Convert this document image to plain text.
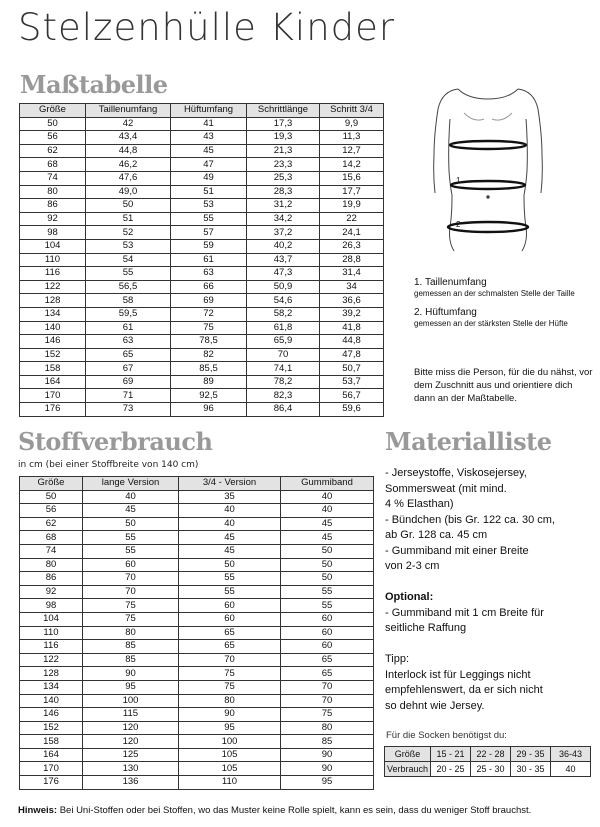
Stelzenhülle Kinder
Maßtabelle
Größe	Taillenumfang	Hüftumfang	Schrittlänge	Schritt 3/4
50	42	41	17,3	9,9
56	43,4	43	19,3	11,3
62	44,8	45	21,3	12,7
68	46,2	47	23,3	14,2
74	47,6	49	25,3	15,6
80	49,0	51	28,3	17,7
86	50	53	31,2	19,9
92	51	55	34,2	22
98	52	57	37,2	24,1
104	53	59	40,2	26,3
110	54	61	43,7	28,8
116	55	63	47,3	31,4
122	56,5	66	50,9	34
128	58	69	54,6	36,6
134	59,5	72	58,2	39,2
140	61	75	61,8	41,8
146	63	78,5	65,9	44,8
152	65	82	70	47,8
158	67	85,5	74,1	50,7
164	69	89	78,2	53,7
170	71	92,5	82,3	56,7
176	73	96	86,4	59,6
1
2
1. Taillenumfang
gemessen an der schmalsten Stelle der Taille
2. Hüftumfang
gemessen an der stärksten Stelle der Hüfte
Bitte miss die Person, für die du nähst, vor dem Zuschnitt aus und orientiere dich dann an der Maßtabelle.
Stoffverbrauch
in cm (bei einer Stoffbreite von 140 cm)
Größe	lange Version	3/4 - Version	Gummiband
50	40	35	40
56	45	40	40
62	50	40	45
68	55	45	45
74	55	45	50
80	60	50	50
86	70	55	50
92	70	55	55
98	75	60	55
104	75	60	60
110	80	65	60
116	85	65	60
122	85	70	65
128	90	75	65
134	95	75	70
140	100	80	70
146	115	90	75
152	120	95	80
158	120	100	85
164	125	105	90
170	130	105	90
176	136	110	95
Materialliste
- Jerseystoffe, Viskosejersey,
Sommersweat (mit mind.
4 % Elasthan)
- Bündchen (bis Gr. 122 ca. 30 cm,
ab Gr. 128 ca. 45 cm
- Gummiband mit einer Breite
von 2-3 cm
Optional:
- Gummiband mit 1 cm Breite für
seitliche Raffung
Tipp:
Interlock ist für Leggings nicht
empfehlenswert, da er sich nicht
so dehnt wie Jersey.
Für die Socken benötigst du:
Größe	15 - 21	22 - 28	29 - 35	36-43
Verbrauch	20 - 25	25 - 30	30 - 35	40
Hinweis: Bei Uni-Stoffen oder bei Stoffen, wo das Muster keine Rolle spielt, kann es sein, dass du weniger Stoff brauchst.
